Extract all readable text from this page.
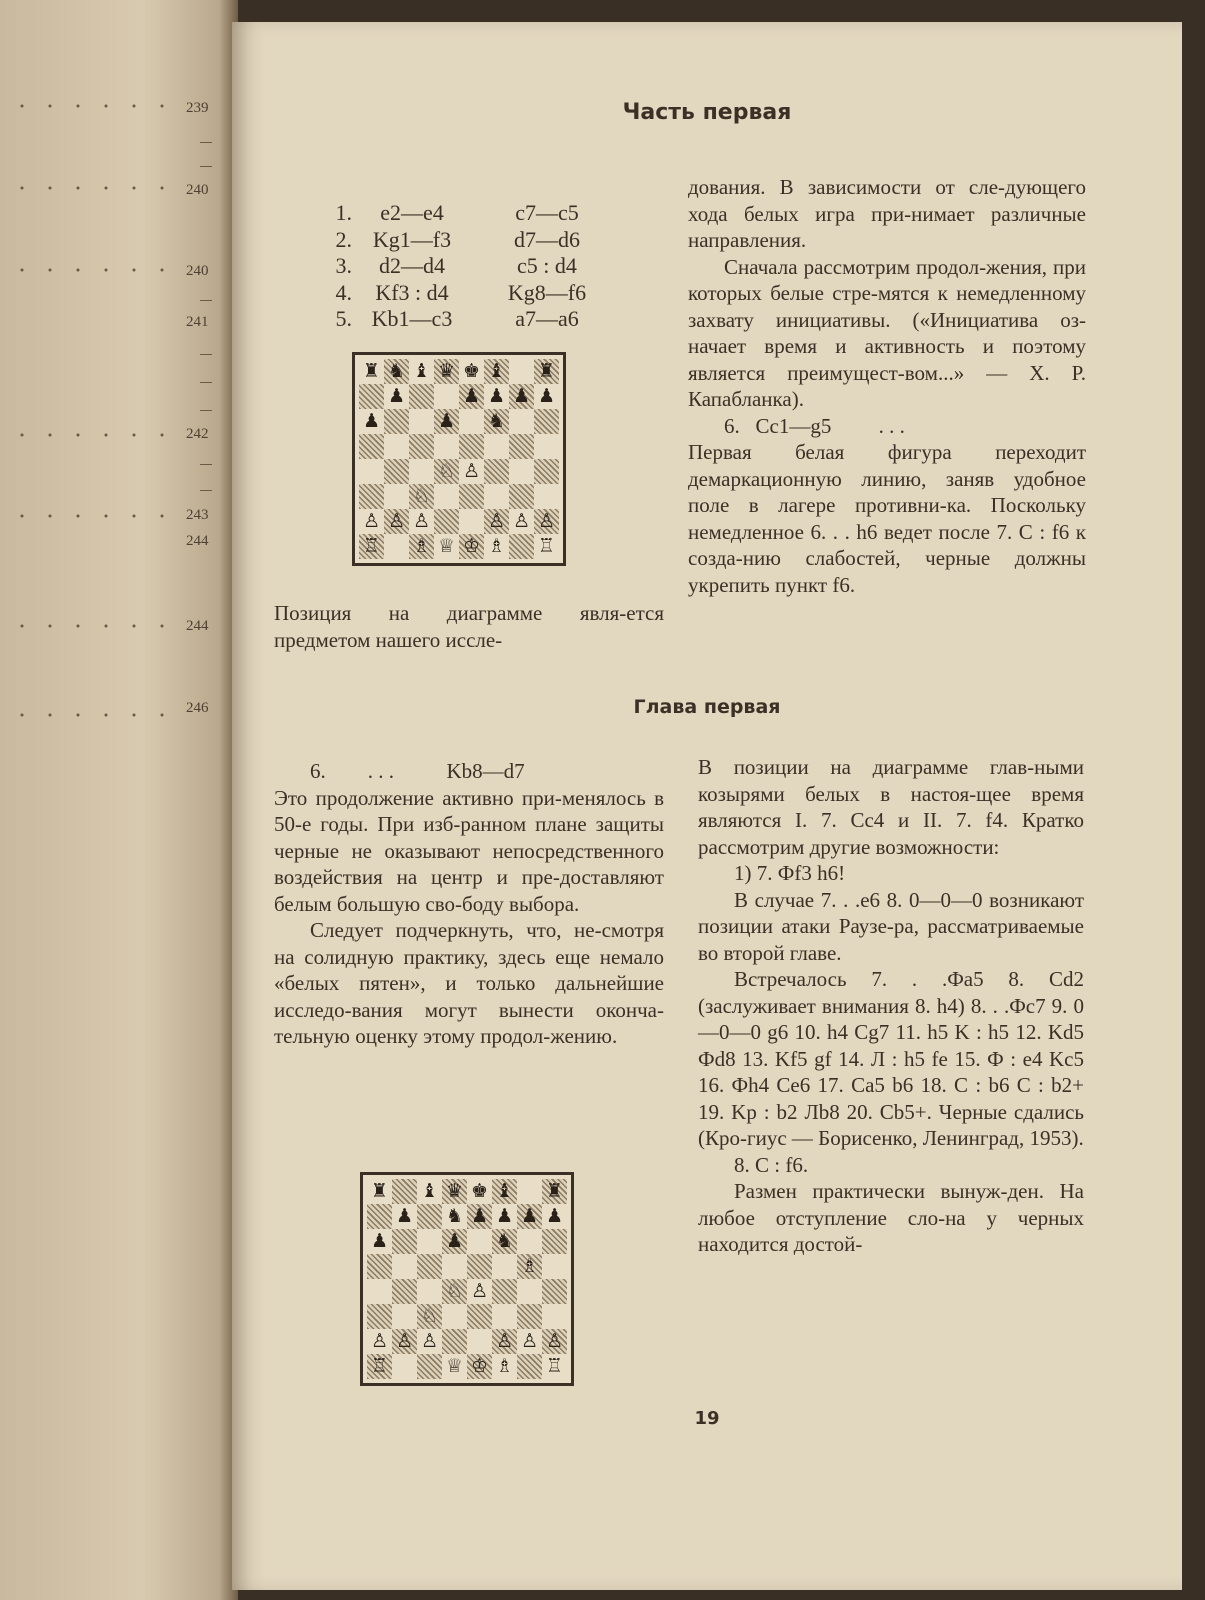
239
240
240
241
242
243
244
244
246
Часть первая
1.	e2—e4	c7—c5
2. Kg1—f3	d7—d6
3.	d2—d4	c5 : d4
4.	Kf3 : d4	Kg8—f6
5. Kb1—c3	a7—a6
♜ ♞ ♝ ♛ ♚ ♝ ♜
♟	♟ ♟ ♟ ♟
♟	♟ ♞
♘ ♙
♘
♙ ♙ ♙	♙ ♙ ♙
♖ ♗ ♕ ♔ ♗ ♖
Позиция на диаграмме явля-ется предметом нашего иссле-

дования. В зависимости от сле-дующего хода белых игра при-нимает различные направления.

Сначала рассмотрим продол-жения, при которых белые стре-мятся к немедленному захвату инициативы. («Инициатива оз-начает время и активность и поэтому является преимущест-вом...» — Х. Р. Капабланка).

6.   Cc1—g5         . . .

Первая белая фигура переходит демаркационную линию, заняв удобное поле в лагере противни-ка. Поскольку немедленное 6. . . h6 ведет после 7. С : f6 к созда-нию слабостей, черные должны укрепить пункт f6.

Глава первая

6.        . . .          Kb8—d7

Это продолжение активно при-менялось в 50-е годы. При изб-ранном плане защиты черные не оказывают непосредственного воздействия на центр и пре-доставляют белым большую сво-боду выбора.

Следует подчеркнуть, что, не-смотря на солидную практику, здесь еще немало «белых пятен», и только дальнейшие исследо-вания могут вынести оконча-тельную оценку этому продол-жению.

♜ ♝ ♛ ♚ ♝ ♜
♟ ♞ ♟ ♟ ♟ ♟
♟	♟ ♞
♗
♘ ♙
♘
♙ ♙ ♙	♙ ♙ ♙
♖	♕ ♔ ♗ ♖

В позиции на диаграмме глав-ными козырями белых в настоя-щее время являются I. 7. Cc4 и II. 7. f4. Кратко рассмотрим другие возможности:

1) 7. Фf3 h6!

В случае 7. . .e6 8. 0—0—0 возникают позиции атаки Раузе-ра, рассматриваемые во второй главе.

Встречалось 7. . .Фa5 8. Cd2 (заслуживает внимания 8. h4) 8. . .Фc7 9. 0—0—0 g6 10. h4 Cg7 11. h5 K : h5 12. Kd5 Фd8 13. Kf5 gf 14. Л : h5 fe 15. Ф : e4 Kc5 16. Фh4 Ce6 17. Ca5 b6 18. C : b6 C : b2+ 19. Kp : b2 Лb8 20. Cb5+. Черные сдались (Кро-гиус — Борисенко, Ленинград, 1953).

8. C : f6.

Размен практически вынуж-ден. На любое отступление сло-на у черных находится достой-

19
